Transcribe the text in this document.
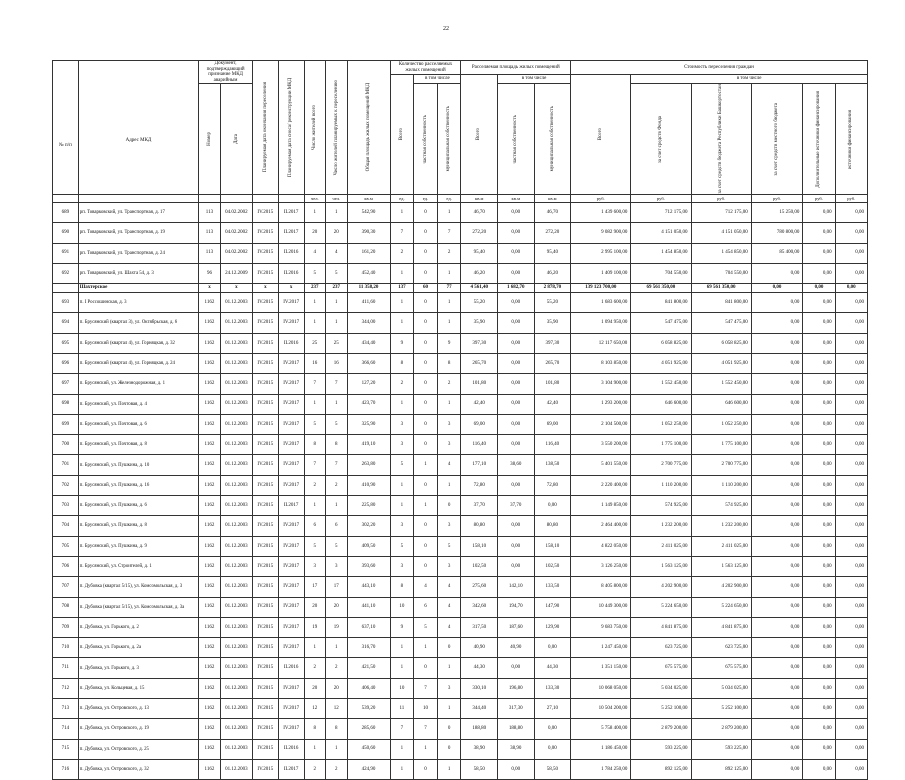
22
№ п/п	Адрес МКД	Документ, подтверждающий признание МКД аварийным		Планируемая дата окончания переселения	Планируемая дата сноса/ реконструкции МКД	Число жителей всего	Число жителей планируемых к переселению	Общая площадь жилых помещений МКД	Количество расселяемых жилых помещений			Расселяемая площадь жилых помещений			Стоимость переселения граждан					

									Всего	в том числе		Всего	в том числе		Всего	в том числе				

		Номер	Дата							частная собственность	муниципальная собственность		частная собственность	муниципальная собственность		за счет средств Фонда	за счет средств бюджета Республики Башкортостан	за счет средств местного бюджета	Дополнительные источники финансирования	источники финансирования

						чел.	чел.	кв.м	ед.	ед.	ед.	кв.м	кв.м	кв.м	руб.	руб.	руб.	руб.	руб.	руб.
689	рп. Товарковский, ул. Транспортная, д. 17	113	04.02.2002	IV.2015	II.2017	1	1	542,90	1	0	1	46,70	0,00	46,70	1 439 600,00	712 175,00	712 175,00	15 250,00	0,00	0,00
690	рп. Товарковский, ул. Транспортная, д. 19	113	04.02.2002	IV.2015	II.2017	20	20	390,30	7	0	7	272,20	0,00	272,20	9 082 900,00	4 151 050,00	4 151 050,00	780 800,00	0,00	0,00
691	рп. Товарковский, ул. Транспортная, д. 24	113	04.02.2002	IV.2015	II.2016	4	4	161,20	2	0	2	95,40	0,00	95,40	2 995 100,00	1 454 850,00	1 454 850,00	85 400,00	0,00	0,00
692	рп. Товарковский, ул. Шахта 54, д. 3	96	24.12.2009	IV.2015	II.2016	5	5	452,40	1	0	1	46,20	0,00	46,20	1 409 100,00	704 550,00	704 550,00	0,00	0,00	0,00
	Шахтерское	x	x	x	x	237	237	11 358,20	137	60	77	4 561,40	1 682,70	2 878,70	139 123 700,00	69 561 350,00	69 561 350,00	0,00	0,00	0,00
693	п. I Россошинская, д. 3	1162	01.12.2003	IV.2015	IV.2017	1	1	411,60	1	0	1	55,20	0,00	55,20	1 683 600,00	841 800,00	841 800,00	0,00	0,00	0,00
694	п. Брусянский (квартал 3), ул. Октябрьская, д. 6	1162	01.12.2003	IV.2015	IV.2017	1	1	344,00	1	0	1	35,90	0,00	35,90	1 094 950,00	547 475,00	547 475,00	0,00	0,00	0,00
695	п. Брусянский (квартал 4), ул. Горняцкая, д. 32	1162	01.12.2003	IV.2015	II.2016	25	25	434,40	9	0	9	397,30	0,00	397,30	12 117 650,00	6 058 825,00	6 058 825,00	0,00	0,00	0,00
696	п. Брусянский (квартал 4), ул. Горняцкая, д. 24	1162	01.12.2003	IV.2015	IV.2017	16	16	366,60	8	0	8	265,70	0,00	265,70	8 103 850,00	4 051 925,00	4 051 925,00	0,00	0,00	0,00
697	п. Брусянский, ул. Железнодорожная, д. 1	1162	01.12.2003	IV.2015	IV.2017	7	7	127,20	2	0	2	101,80	0,00	101,80	3 104 900,00	1 552 450,00	1 552 450,00	0,00	0,00	0,00
698	п. Брусянский, ул. Почтовая, д. 4	1162	01.12.2003	IV.2015	IV.2017	1	1	423,70	1	0	1	42,40	0,00	42,40	1 293 200,00	646 600,00	646 600,00	0,00	0,00	0,00
699	п. Брусянский, ул. Почтовая, д. 6	1162	01.12.2003	IV.2015	IV.2017	5	5	325,90	3	0	3	69,00	0,00	69,00	2 104 500,00	1 052 250,00	1 052 250,00	0,00	0,00	0,00
700	п. Брусянский, ул. Почтовая, д. 8	1162	01.12.2003	IV.2015	IV.2017	8	8	419,10	3	0	3	116,40	0,00	116,40	3 550 200,00	1 775 100,00	1 775 100,00	0,00	0,00	0,00
701	п. Брусянский, ул. Пушкина, д. 10	1162	01.12.2003	IV.2015	IV.2017	7	7	263,80	5	1	4	177,10	38,60	138,50	5 401 550,00	2 700 775,00	2 700 775,00	0,00	0,00	0,00
702	п. Брусянский, ул. Пушкина, д. 16	1162	01.12.2003	IV.2015	IV.2017	2	2	410,90	1	0	1	72,80	0,00	72,80	2 220 400,00	1 110 200,00	1 110 200,00	0,00	0,00	0,00
703	п. Брусянский, ул. Пушкина, д. 6	1162	01.12.2003	IV.2015	II.2017	1	1	225,80	1	1	0	37,70	37,70	0,00	1 149 850,00	574 925,00	574 925,00	0,00	0,00	0,00
704	п. Брусянский, ул. Пушкина, д. 8	1162	01.12.2003	IV.2015	IV.2017	6	6	302,20	3	0	3	80,80	0,00	80,80	2 464 400,00	1 232 200,00	1 232 200,00	0,00	0,00	0,00
705	п. Брусянский, ул. Пушкина, д. 9	1162	01.12.2003	IV.2015	IV.2017	5	5	409,50	5	0	5	158,10	0,00	158,10	4 822 050,00	2 411 025,00	2 411 025,00	0,00	0,00	0,00
706	п. Брусянский, ул. Строителей, д. 1	1162	01.12.2003	IV.2015	IV.2017	3	3	393,60	3	0	3	102,50	0,00	102,50	3 126 250,00	1 563 125,00	1 563 125,00	0,00	0,00	0,00
707	п. Дубовка (квартал 5/15), ул. Комсомольская, д. 3	1162	01.12.2003	IV.2015	IV.2017	17	17	443,10	8	4	4	275,60	142,10	133,50	8 405 800,00	4 202 900,00	4 202 900,00	0,00	0,00	0,00
708	п. Дубовка (квартал 5/15), ул. Комсомольская, д. 3а	1162	01.12.2003	IV.2015	IV.2017	20	20	441,10	10	6	4	342,60	194,70	147,90	10 449 300,00	5 224 650,00	5 224 650,00	0,00	0,00	0,00
709	п. Дубовка, ул. Горького, д. 2	1162	01.12.2003	IV.2015	IV.2017	19	19	637,10	9	5	4	317,50	187,60	129,90	9 683 750,00	4 841 875,00	4 841 875,00	0,00	0,00	0,00
710	п. Дубовка, ул. Горького, д. 2а	1162	01.12.2003	IV.2015	IV.2017	1	1	316,70	1	1	0	40,90	40,90	0,00	1 247 450,00	623 725,00	623 725,00	0,00	0,00	0,00
711	п. Дубовка, ул. Горького, д. 3	1162	01.12.2003	IV.2015	II.2016	2	2	421,50	1	0	1	44,30	0,00	44,30	1 351 150,00	675 575,00	675 575,00	0,00	0,00	0,00
712	п. Дубовка, ул. Кольцевая, д. 15	1162	01.12.2003	IV.2015	IV.2017	20	20	406,40	10	7	3	330,10	196,80	133,30	10 068 050,00	5 034 025,00	5 034 025,00	0,00	0,00	0,00
713	п. Дубовка, ул. Островского, д. 13	1162	01.12.2003	IV.2015	IV.2017	12	12	539,20	11	10	1	344,40	317,30	27,10	10 504 200,00	5 252 100,00	5 252 100,00	0,00	0,00	0,00
714	п. Дубовка, ул. Островского, д. 19	1162	01.12.2003	IV.2015	IV.2017	8	8	285,60	7	7	0	188,80	188,80	0,00	5 758 400,00	2 879 200,00	2 879 200,00	0,00	0,00	0,00
715	п. Дубовка, ул. Островского, д. 25	1162	01.12.2003	IV.2015	II.2016	1	1	450,60	1	1	0	38,90	38,90	0,00	1 186 450,00	593 225,00	593 225,00	0,00	0,00	0,00
716	п. Дубовка, ул. Островского, д. 32	1162	01.12.2003	IV.2015	II.2017	2	2	424,90	1	0	1	58,50	0,00	58,50	1 784 250,00	892 125,00	892 125,00	0,00	0,00	0,00
